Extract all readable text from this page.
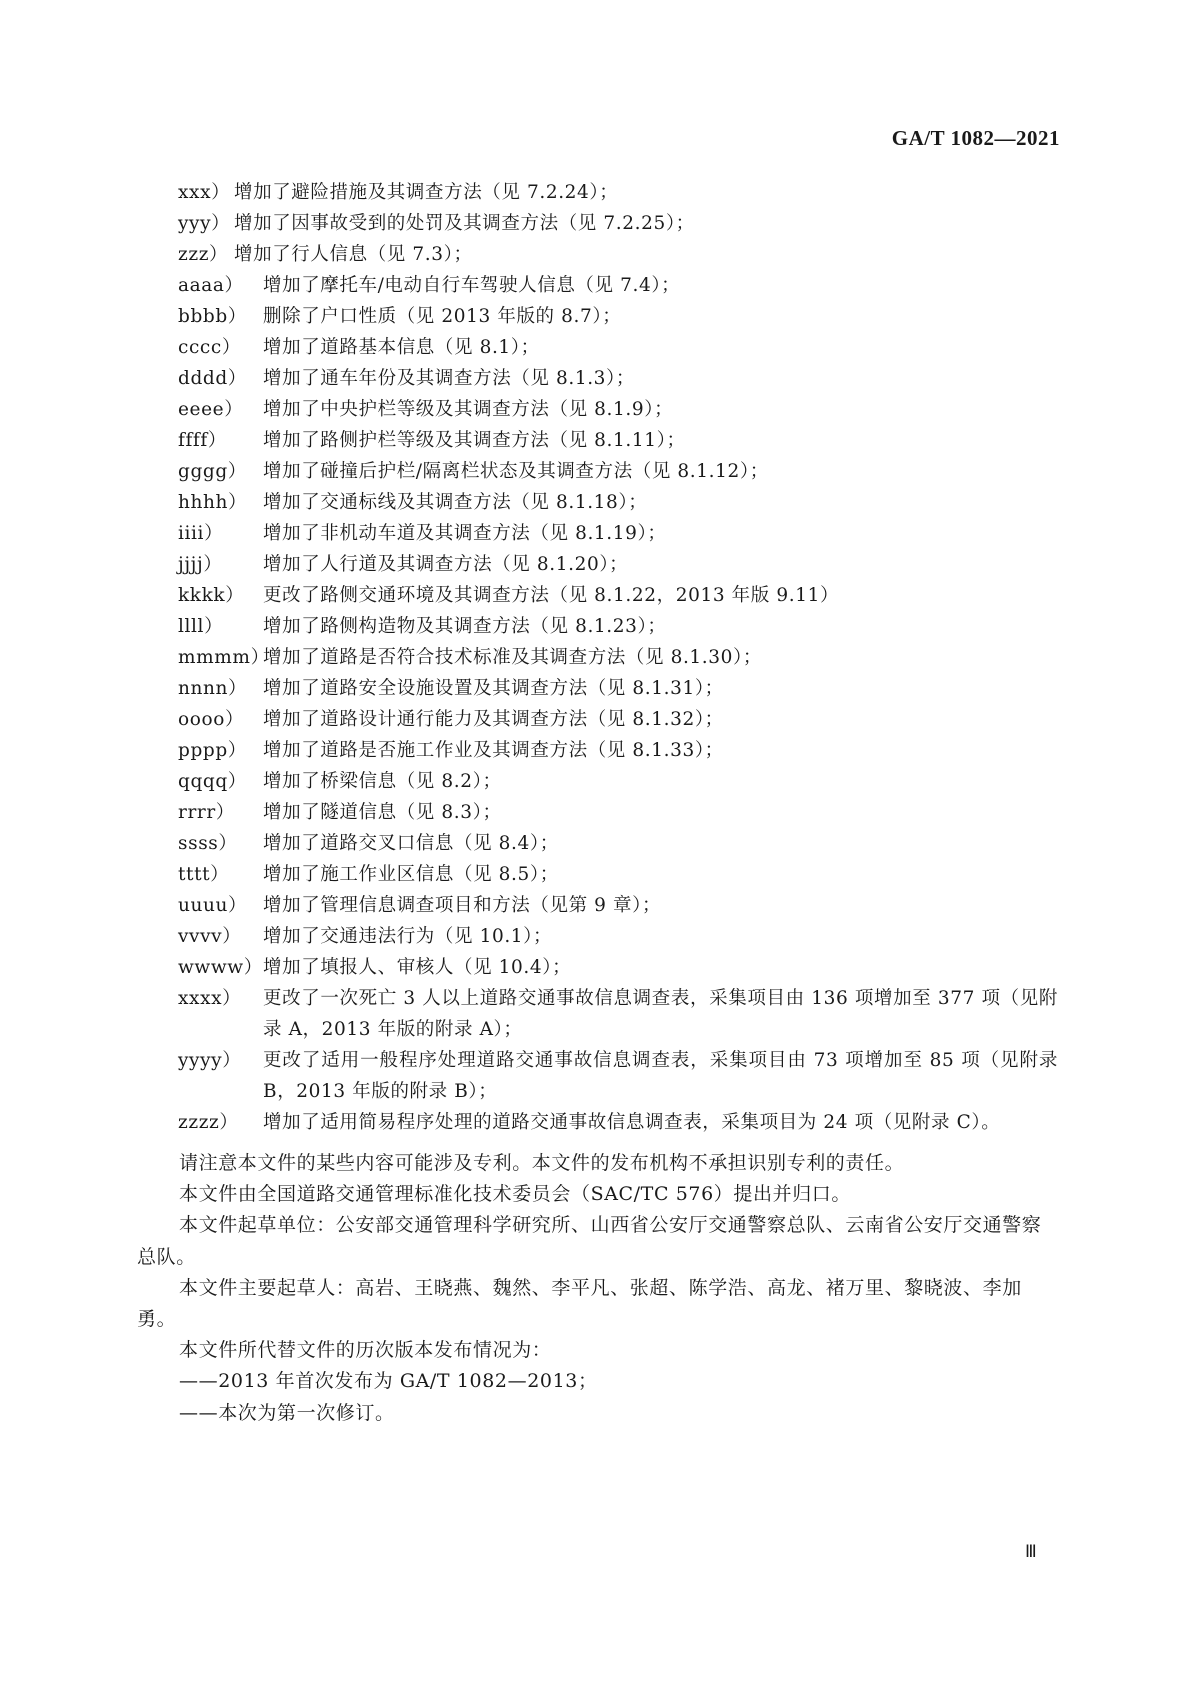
GA/T 1082—2021
xxx） 增加了避险措施及其调查方法（见 7.2.24）；
yyy） 增加了因事故受到的处罚及其调查方法（见 7.2.25）；
zzz） 增加了行人信息（见 7.3）；
aaaa）	增加了摩托车/电动自行车驾驶人信息（见 7.4）；
bbbb） 删除了户口性质（见 2013 年版的 8.7）；
cccc）	增加了道路基本信息（见 8.1）；
dddd） 增加了通车年份及其调查方法（见 8.1.3）；
eeee）	增加了中央护栏等级及其调查方法（见 8.1.9）；
ffff）	增加了路侧护栏等级及其调查方法（见 8.1.11）；
gggg） 增加了碰撞后护栏/隔离栏状态及其调查方法（见 8.1.12）；
hhhh） 增加了交通标线及其调查方法（见 8.1.18）；
iiii）	增加了非机动车道及其调查方法（见 8.1.19）；
jjjj）	增加了人行道及其调查方法（见 8.1.20）；
kkkk）	更改了路侧交通环境及其调查方法（见 8.1.22，2013 年版 9.11）
llll）	增加了路侧构造物及其调查方法（见 8.1.23）；
mmmm）
增加了道路是否符合技术标准及其调查方法（见 8.1.30）；
nnnn） 增加了道路安全设施设置及其调查方法（见 8.1.31）；
oooo）	增加了道路设计通行能力及其调查方法（见 8.1.32）；
pppp） 增加了道路是否施工作业及其调查方法（见 8.1.33）；
qqqq） 增加了桥梁信息（见 8.2）；
rrrr）	增加了隧道信息（见 8.3）；
ssss）	增加了道路交叉口信息（见 8.4）；
tttt）	增加了施工作业区信息（见 8.5）；
uuuu） 增加了管理信息调查项目和方法（见第 9 章）；
vvvv）	增加了交通违法行为（见 10.1）；
wwww） 增加了填报人、审核人（见 10.4）；
xxxx）	更改了一次死亡 3 人以上道路交通事故信息调查表，采集项目由 136 项增加至 377 项（见附录 A，2013 年版的附录 A）；
yyyy）	更改了适用一般程序处理道路交通事故信息调查表，采集项目由 73 项增加至 85 项（见附录 B，2013 年版的附录 B）；
zzzz）	增加了适用简易程序处理的道路交通事故信息调查表，采集项目为 24 项（见附录 C）。

请注意本文件的某些内容可能涉及专利。本文件的发布机构不承担识别专利的责任。

本文件由全国道路交通管理标准化技术委员会（SAC/TC 576）提出并归口。

本文件起草单位：公安部交通管理科学研究所、山西省公安厅交通警察总队、云南省公安厅交通警察总队。

本文件主要起草人：高岩、王晓燕、魏然、李平凡、张超、陈学浩、高龙、褚万里、黎晓波、李加勇。

本文件所代替文件的历次版本发布情况为：

——2013 年首次发布为 GA/T 1082—2013；

——本次为第一次修订。

Ⅲ
